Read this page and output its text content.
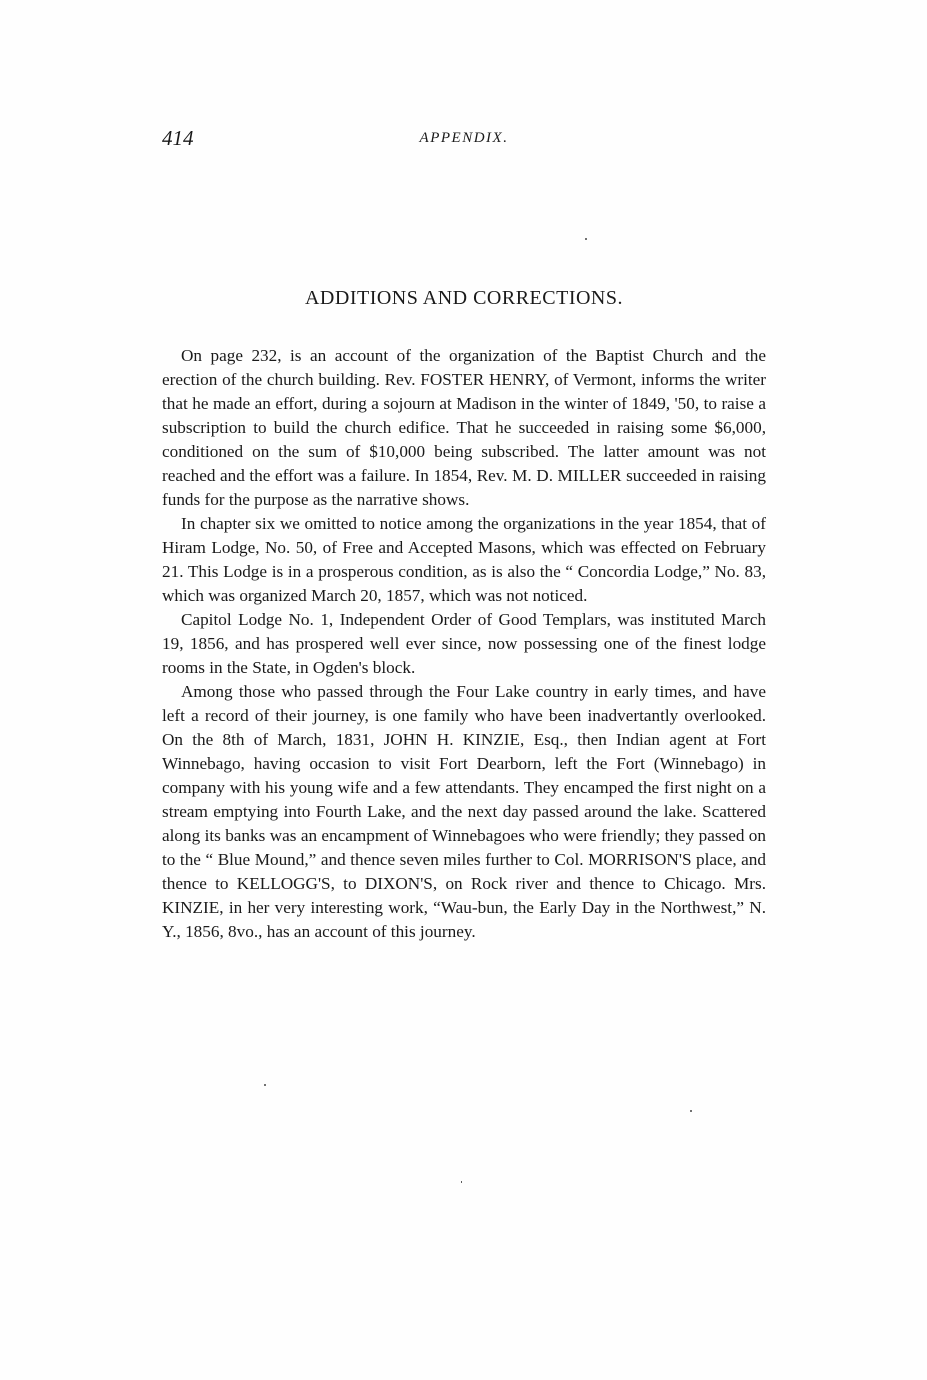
414	APPENDIX.
ADDITIONS AND CORRECTIONS.

On page 232, is an account of the organization of the Baptist Church and the erection of the church building. Rev. FOSTER HENRY, of Vermont, informs the writer that he made an effort, during a sojourn at Madison in the winter of 1849, '50, to raise a subscription to build the church edifice. That he succeeded in raising some $6,000, conditioned on the sum of $10,000 being subscribed. The latter amount was not reached and the effort was a failure. In 1854, Rev. M. D. MILLER succeeded in raising funds for the purpose as the narrative shows.

In chapter six we omitted to notice among the organizations in the year 1854, that of Hiram Lodge, No. 50, of Free and Accepted Masons, which was effected on February 21. This Lodge is in a prosperous condition, as is also the “ Concordia Lodge,” No. 83, which was organized March 20, 1857, which was not noticed.

Capitol Lodge No. 1, Independent Order of Good Templars, was instituted March 19, 1856, and has prospered well ever since, now possessing one of the finest lodge rooms in the State, in Ogden's block.

Among those who passed through the Four Lake country in early times, and have left a record of their journey, is one family who have been inadvertantly overlooked. On the 8th of March, 1831, JOHN H. KINZIE, Esq., then Indian agent at Fort Winnebago, having occasion to visit Fort Dearborn, left the Fort (Winnebago) in company with his young wife and a few attendants. They encamped the first night on a stream emptying into Fourth Lake, and the next day passed around the lake. Scattered along its banks was an encampment of Winnebagoes who were friendly; they passed on to the “ Blue Mound,” and thence seven miles further to Col. MORRISON'S place, and thence to KELLOGG'S, to DIXON'S, on Rock river and thence to Chicago. Mrs. KINZIE, in her very interesting work, “Wau-bun, the Early Day in the Northwest,” N. Y., 1856, 8vo., has an account of this journey.
